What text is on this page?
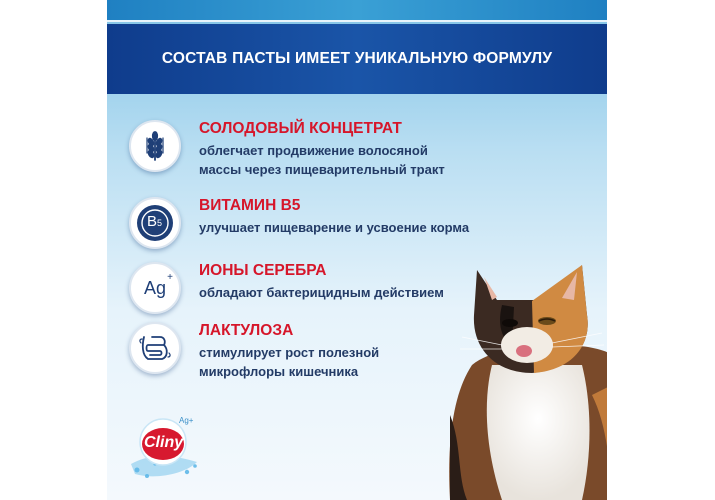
СОСТАВ ПАСТЫ ИМЕЕТ УНИКАЛЬНУЮ ФОРМУЛУ
СОЛОДОВЫЙ КОНЦЕТРАТ
облегчает продвижение волосяной
массы через пищеварительный тракт
B5
ВИТАМИН В5
улучшает пищеварение и усвоение корма
Ag
+ ИОНЫ СЕРЕБРА
обладают бактерицидным действием
ЛАКТУЛОЗА
стимулирует рост полезной
микрофлоры кишечника
Cliny
Ag+
